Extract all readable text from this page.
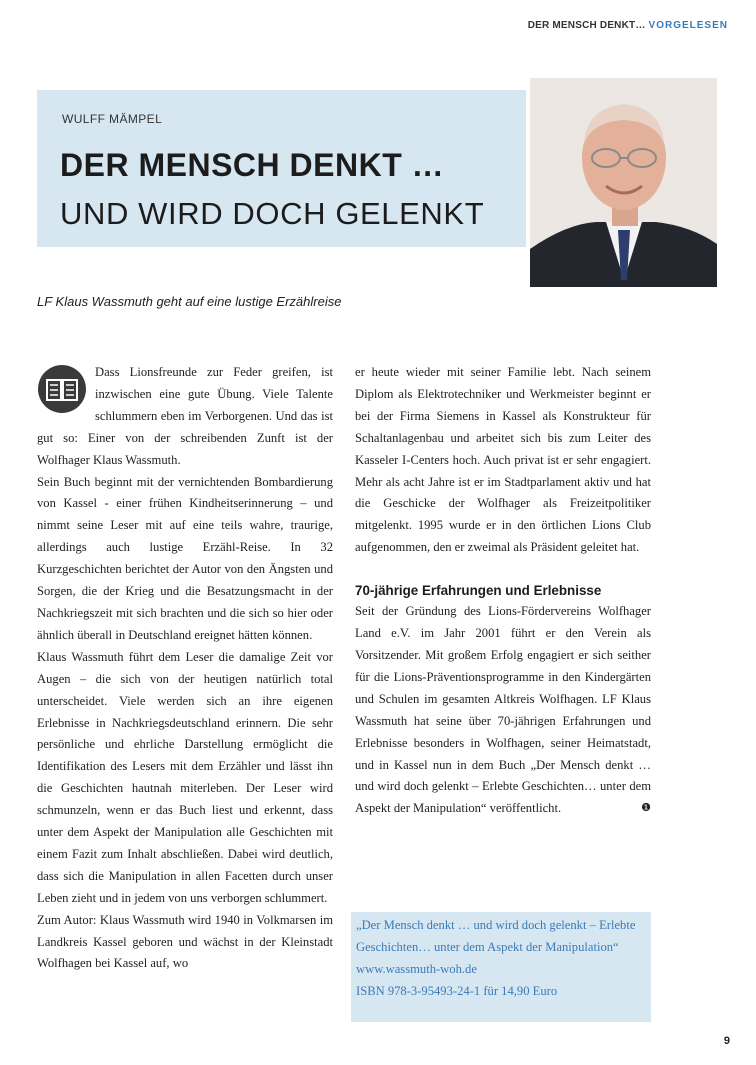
DER MENSCH DENKT… VORGELESEN
WULFF MÄMPEL
DER MENSCH DENKT …
UND WIRD DOCH GELENKT
LF Klaus Wassmuth geht auf eine lustige Erzählreise

Dass Lionsfreunde zur Feder greifen, ist inzwischen eine gute Übung. Viele Talente schlummern eben im Verborgenen. Und das ist gut so: Einer von der schreibenden Zunft ist der Wolfhager Klaus Wassmuth.

Sein Buch beginnt mit der vernichtenden Bombardierung von Kassel - einer frühen Kindheitserinnerung – und nimmt seine Leser mit auf eine teils wahre, traurige, allerdings auch lustige Erzähl-Reise. In 32 Kurzgeschichten berichtet der Autor von den Ängsten und Sorgen, die der Krieg und die Besatzungsmacht in der Nachkriegszeit mit sich brachten und die sich so hier oder ähnlich überall in Deutschland ereignet hätten können.

Klaus Wassmuth führt dem Leser die damalige Zeit vor Augen – die sich von der heutigen natürlich total unterscheidet. Viele werden sich an ihre eigenen Erlebnisse in Nachkriegsdeutschland erinnern. Die sehr persönliche und ehrliche Darstellung ermöglicht die Identifikation des Lesers mit dem Erzähler und lässt ihn die Geschichten hautnah miterleben. Der Leser wird schmunzeln, wenn er das Buch liest und erkennt, dass unter dem Aspekt der Manipulation alle Geschichten mit einem Fazit zum Inhalt abschließen. Dabei wird deutlich, dass sich die Manipulation in allen Facetten durch unser Leben zieht und in jedem von uns verborgen schlummert.

Zum Autor: Klaus Wassmuth wird 1940 in Volkmarsen im Landkreis Kassel geboren und wächst in der Kleinstadt Wolfhagen bei Kassel auf, wo

er heute wieder mit seiner Familie lebt. Nach seinem Diplom als Elektrotechniker und Werkmeister beginnt er bei der Firma Siemens in Kassel als Konstrukteur für Schaltanlagenbau und arbeitet sich bis zum Leiter des Kasseler I-Centers hoch. Auch privat ist er sehr engagiert. Mehr als acht Jahre ist er im Stadtparlament aktiv und hat die Geschicke der Wolfhager als Freizeitpolitiker mitgelenkt. 1995 wurde er in den örtlichen Lions Club aufgenommen, den er zweimal als Präsident geleitet hat.

70-jährige Erfahrungen und Erlebnisse

Seit der Gründung des Lions-Fördervereins Wolfhager Land e.V. im Jahr 2001 führt er den Verein als Vorsitzender. Mit großem Erfolg engagiert er sich seither für die Lions-Präventionsprogramme in den Kindergärten und Schulen im gesamten Altkreis Wolfhagen. LF Klaus Wassmuth hat seine über 70-jährigen Erfahrungen und Erlebnisse besonders in Wolfhagen, seiner Heimatstadt, und in Kassel nun in dem Buch „Der Mensch denkt … und wird doch gelenkt – Erlebte Geschichten… unter dem Aspekt der Manipulation“ veröffentlicht.	❶

„Der Mensch denkt … und wird doch gelenkt – Erlebte Geschichten… unter dem Aspekt der Manipulation“
www.wassmuth-woh.de
ISBN 978-3-95493-24-1 für 14,90 Euro
9
